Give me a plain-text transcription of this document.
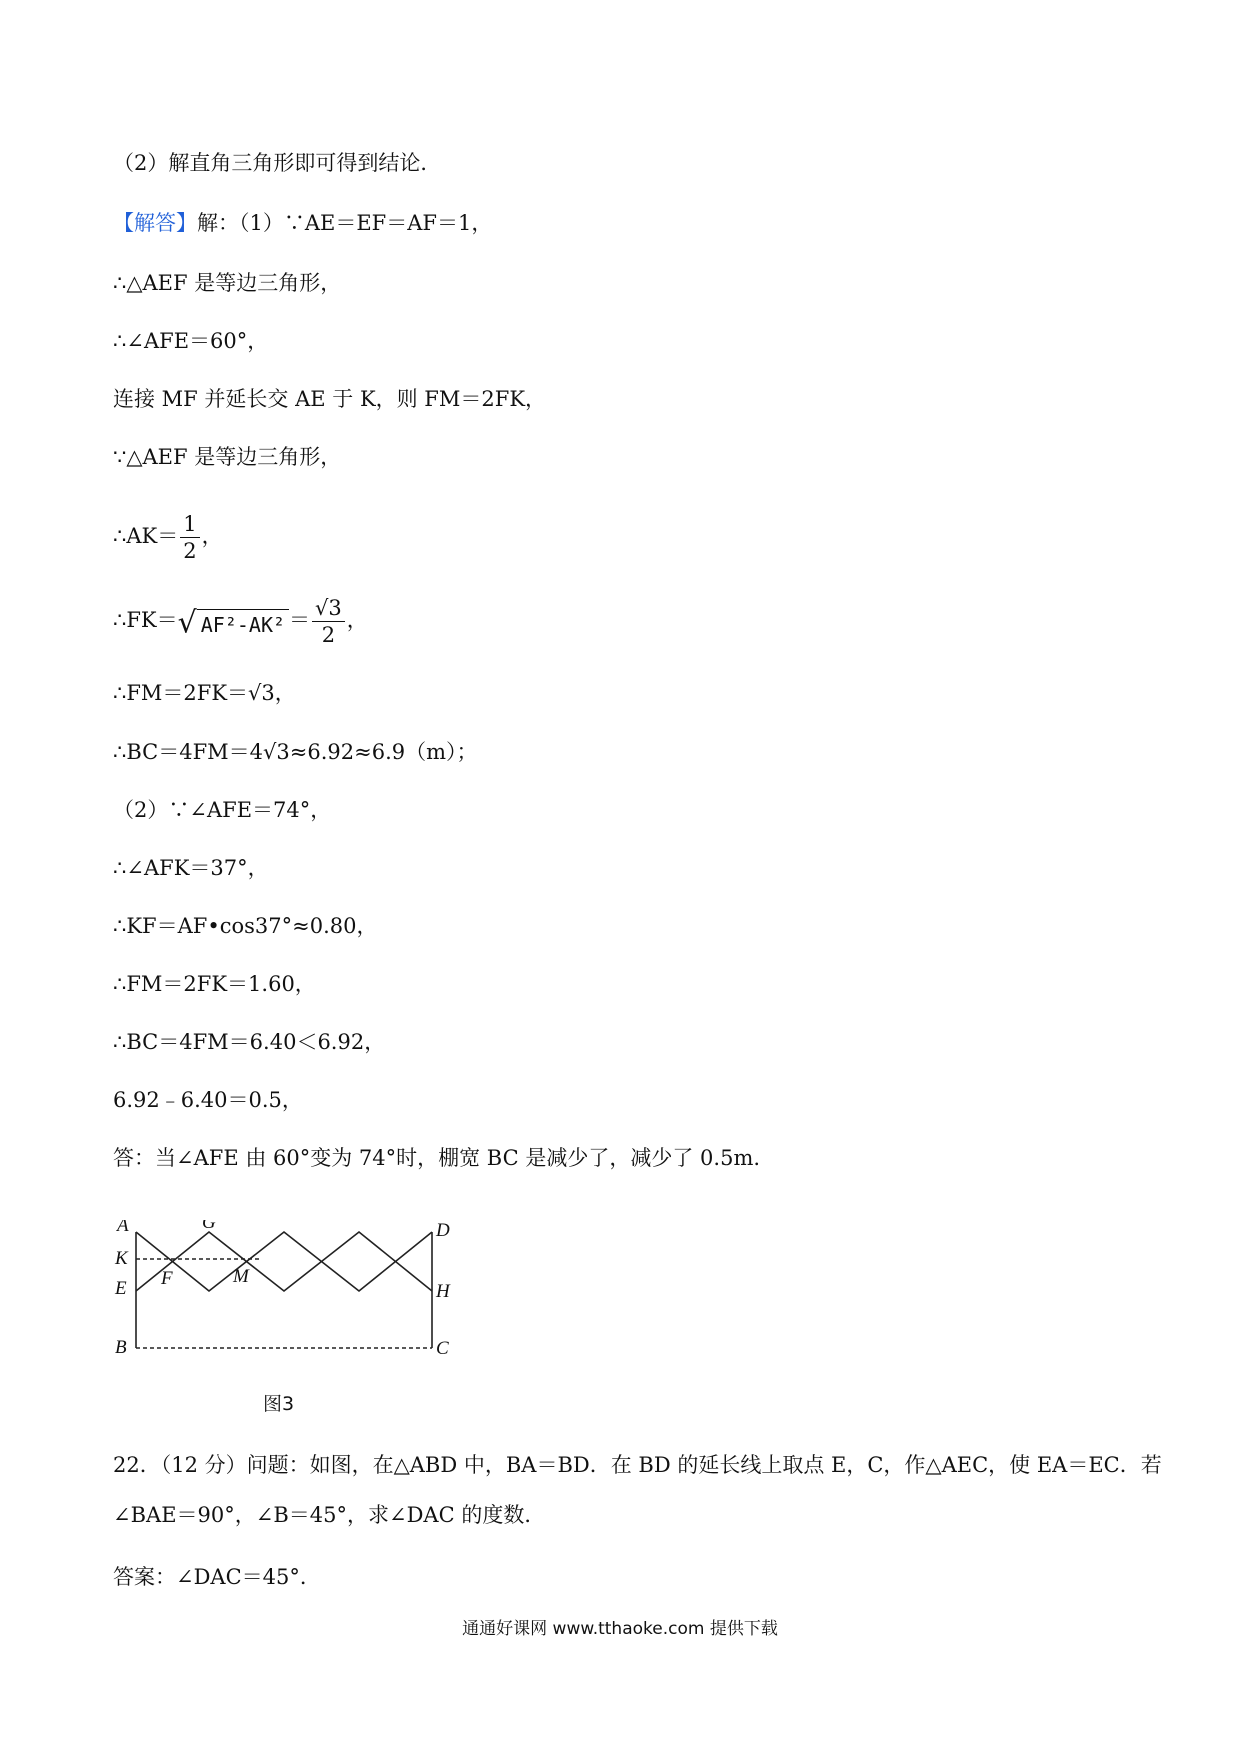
（2）解直角三角形即可得到结论．
【解答】解：（1）∵AE＝EF＝AF＝1，
∴△AEF 是等边三角形，
∴∠AFE＝60°，
连接 MF 并延长交 AE 于 K，则 FM＝2FK，
∵△AEF 是等边三角形，
∴AK＝ $\frac{1}{2}$ ，
∴FK＝√ $AF^2-AK^2 = \frac{√3}{2}$ ，
∴FM＝2FK＝√3，
∴BC＝4FM＝4√3≈6.92≈6.9（m）；
（2）∵∠AFE＝74°，
∴∠AFK＝37°，
∴KF＝AF•cos37°≈0.80，
∴FM＝2FK＝1.60，
∴BC＝4FM＝6.40＜6.92，
6.92﹣6.40＝0.5，
答：当∠AFE 由 60°变为 74°时，棚宽 BC 是减少了，减少了 0.5m.
A	G	D
K
E F	M
H
B	C
图3
22．（12 分）问题：如图，在△ABD 中，BA＝BD．在 BD 的延长线上取点 E，C，作△AEC，使 EA＝EC．若
∠BAE＝90°，∠B＝45°，求∠DAC 的度数．
答案：∠DAC＝45°．
通通好课网 www.tthaoke.com 提供下载
